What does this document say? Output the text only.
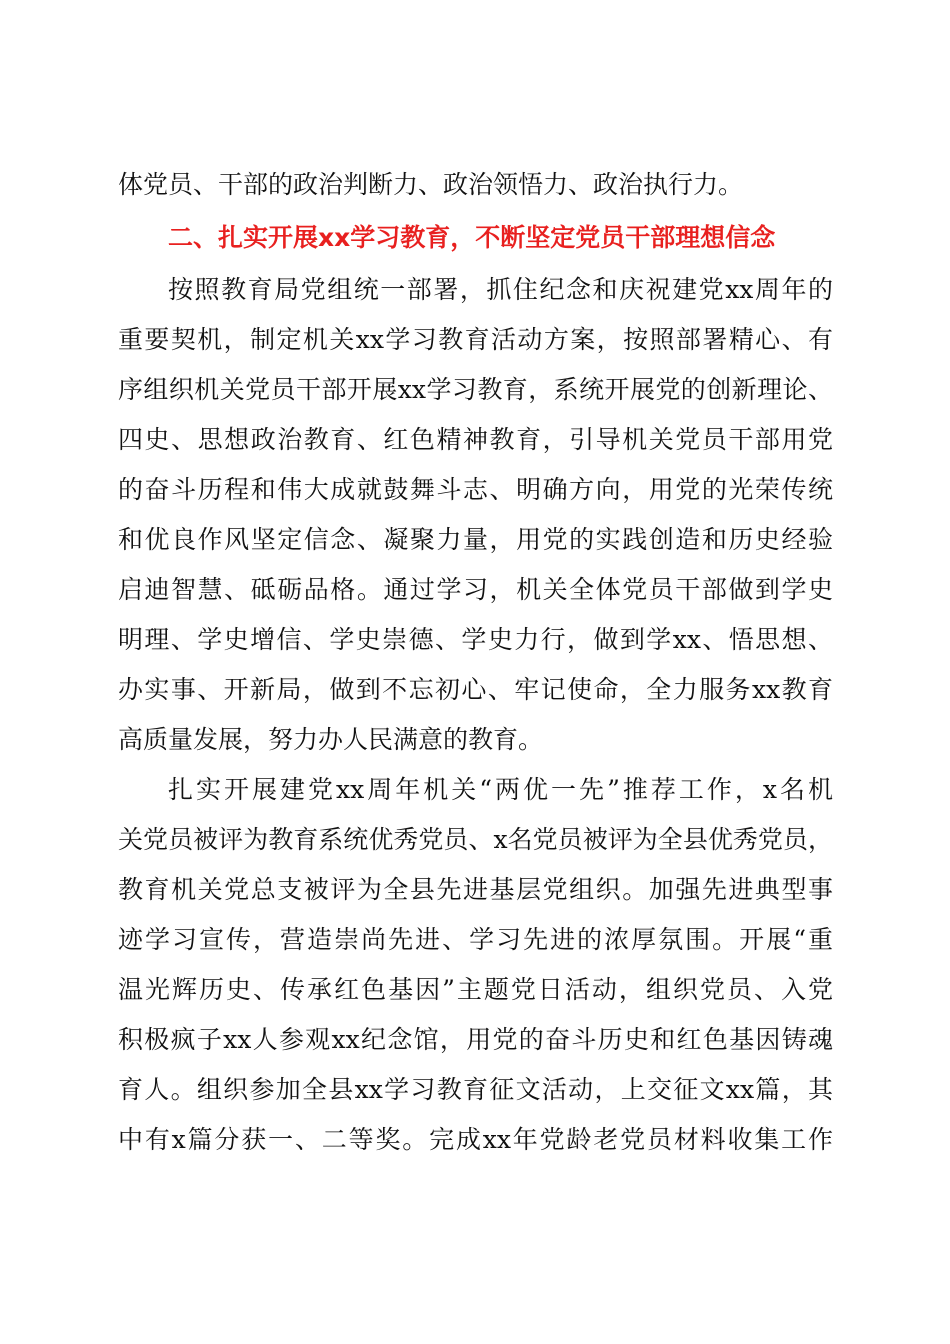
体党员、干部的政治判断力、政治领悟力、政治执行力。
二、扎实开展xx学习教育，不断坚定党员干部理想信念
按照教育局党组统一部署，抓住纪念和庆祝建党xx周年的
重要契机，制定机关xx学习教育活动方案，按照部署精心、有
序组织机关党员干部开展xx学习教育，系统开展党的创新理论、
四史、思想政治教育、红色精神教育，引导机关党员干部用党
的奋斗历程和伟大成就鼓舞斗志、明确方向，用党的光荣传统
和优良作风坚定信念、凝聚力量，用党的实践创造和历史经验
启迪智慧、砥砺品格。通过学习，机关全体党员干部做到学史
明理、学史增信、学史崇德、学史力行，做到学xx、悟思想、
办实事、开新局，做到不忘初心、牢记使命，全力服务xx教育
高质量发展，努力办人民满意的教育。
扎实开展建党xx周年机关“两优一先”推荐工作，x名机
关党员被评为教育系统优秀党员、x名党员被评为全县优秀党员，
教育机关党总支被评为全县先进基层党组织。加强先进典型事
迹学习宣传，营造崇尚先进、学习先进的浓厚氛围。开展“重
温光辉历史、传承红色基因”主题党日活动，组织党员、入党
积极疯子xx人参观xx纪念馆，用党的奋斗历史和红色基因铸魂
育人。组织参加全县xx学习教育征文活动，上交征文xx篇，其
中有x篇分获一、二等奖。完成xx年党龄老党员材料收集工作
